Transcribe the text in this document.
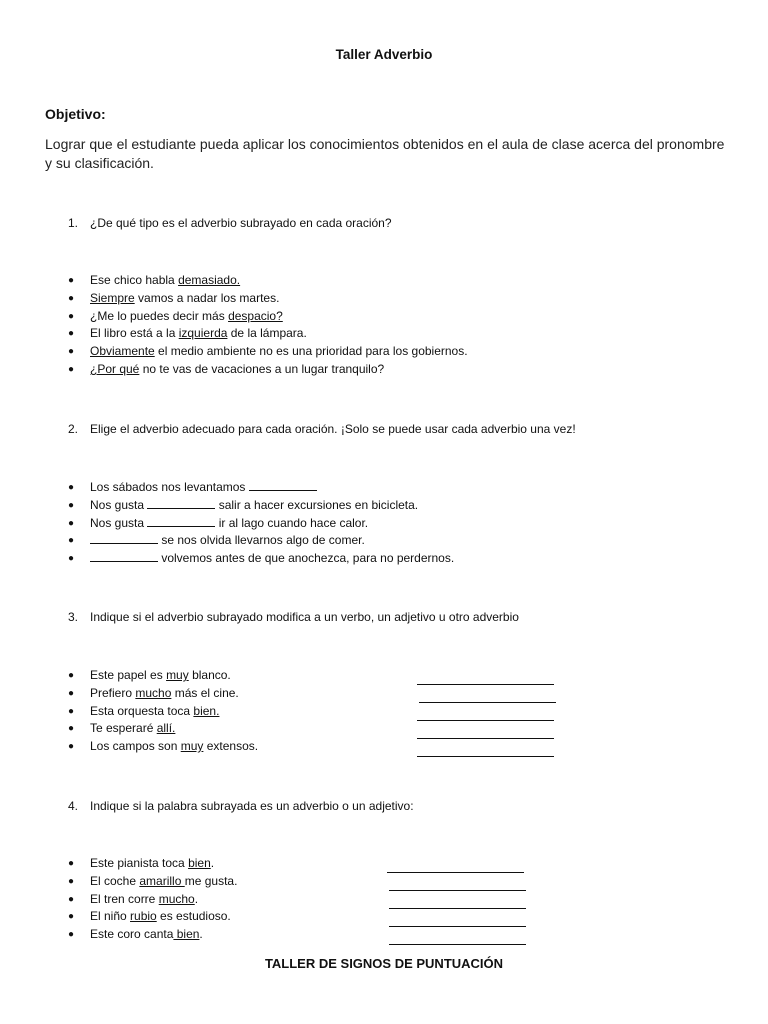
Taller Adverbio
Objetivo:
Lograr que el estudiante pueda aplicar los conocimientos obtenidos en el aula de clase acerca del pronombre y su clasificación.
1. ¿De qué tipo es el adverbio subrayado en cada oración?
● Ese chico habla demasiado.
● Siempre vamos a nadar los martes.
● ¿Me lo puedes decir más despacio?
● El libro está a la izquierda de la lámpara.
● Obviamente el medio ambiente no es una prioridad para los gobiernos.
● ¿Por qué no te vas de vacaciones a un lugar tranquilo?
2. Elige el adverbio adecuado para cada oración. ¡Solo se puede usar cada adverbio una vez!
● Los sábados nos levantamos
● Nos gusta	salir a hacer excursiones en bicicleta.
● Nos gusta	ir al lago cuando hace calor.
●	se nos olvida llevarnos algo de comer.
●	volvemos antes de que anochezca, para no perdernos.
3. Indique si el adverbio subrayado modifica a un verbo, un adjetivo u otro adverbio
● Este papel es muy blanco.
● Prefiero mucho más el cine.
● Esta orquesta toca bien.
● Te esperaré allí.
● Los campos son muy extensos.
4. Indique si la palabra subrayada es un adverbio o un adjetivo:
● Este pianista toca bien.
● El coche amarillo me gusta.
● El tren corre mucho.
● El niño rubio es estudioso.
● Este coro canta bien.
TALLER DE SIGNOS DE PUNTUACIÓN
